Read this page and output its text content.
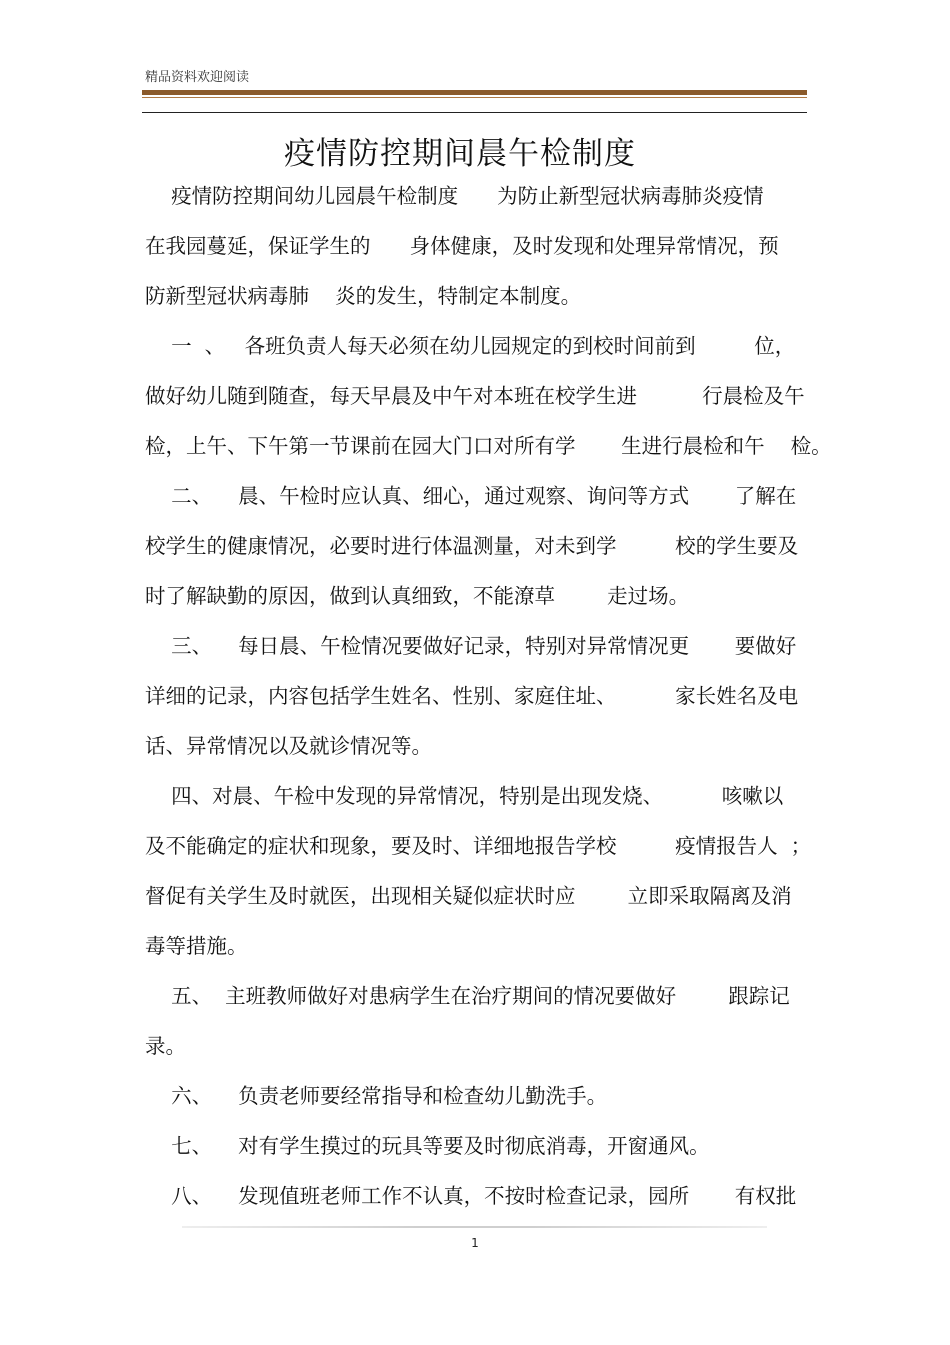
精品资料欢迎阅读
疫情防控期间晨午检制度
疫情防控期间幼儿园晨午检制度      为防止新型冠状病毒肺炎疫情
在我园蔓延，保证学生的      身体健康，及时发现和处理异常情况，预
防新型冠状病毒肺    炎的发生，特制定本制度。
一  、   各班负责人每天必须在幼儿园规定的到校时间前到         位，
做好幼儿随到随查，每天早晨及中午对本班在校学生进          行晨检及午
检，上午、下午第一节课前在园大门口对所有学       生进行晨检和午    检。
二、    晨、午检时应认真、细心，通过观察、询问等方式       了解在
校学生的健康情况，必要时进行体温测量，对未到学         校的学生要及
时了解缺勤的原因，做到认真细致，不能潦草        走过场。
三、    每日晨、午检情况要做好记录，特别对异常情况更       要做好
详细的记录，内容包括学生姓名、性别、家庭住址、         家长姓名及电
话、异常情况以及就诊情况等。
四、对晨、午检中发现的异常情况，特别是出现发烧、         咳嗽以
及不能确定的症状和现象，要及时、详细地报告学校         疫情报告人  ；
督促有关学生及时就医，出现相关疑似症状时应        立即采取隔离及消
毒等措施。
五、  主班教师做好对患病学生在治疗期间的情况要做好        跟踪记
录。
六、    负责老师要经常指导和检查幼儿勤洗手。
七、    对有学生摸过的玩具等要及时彻底消毒，开窗通风。
八、    发现值班老师工作不认真，不按时检查记录，园所       有权批
1
